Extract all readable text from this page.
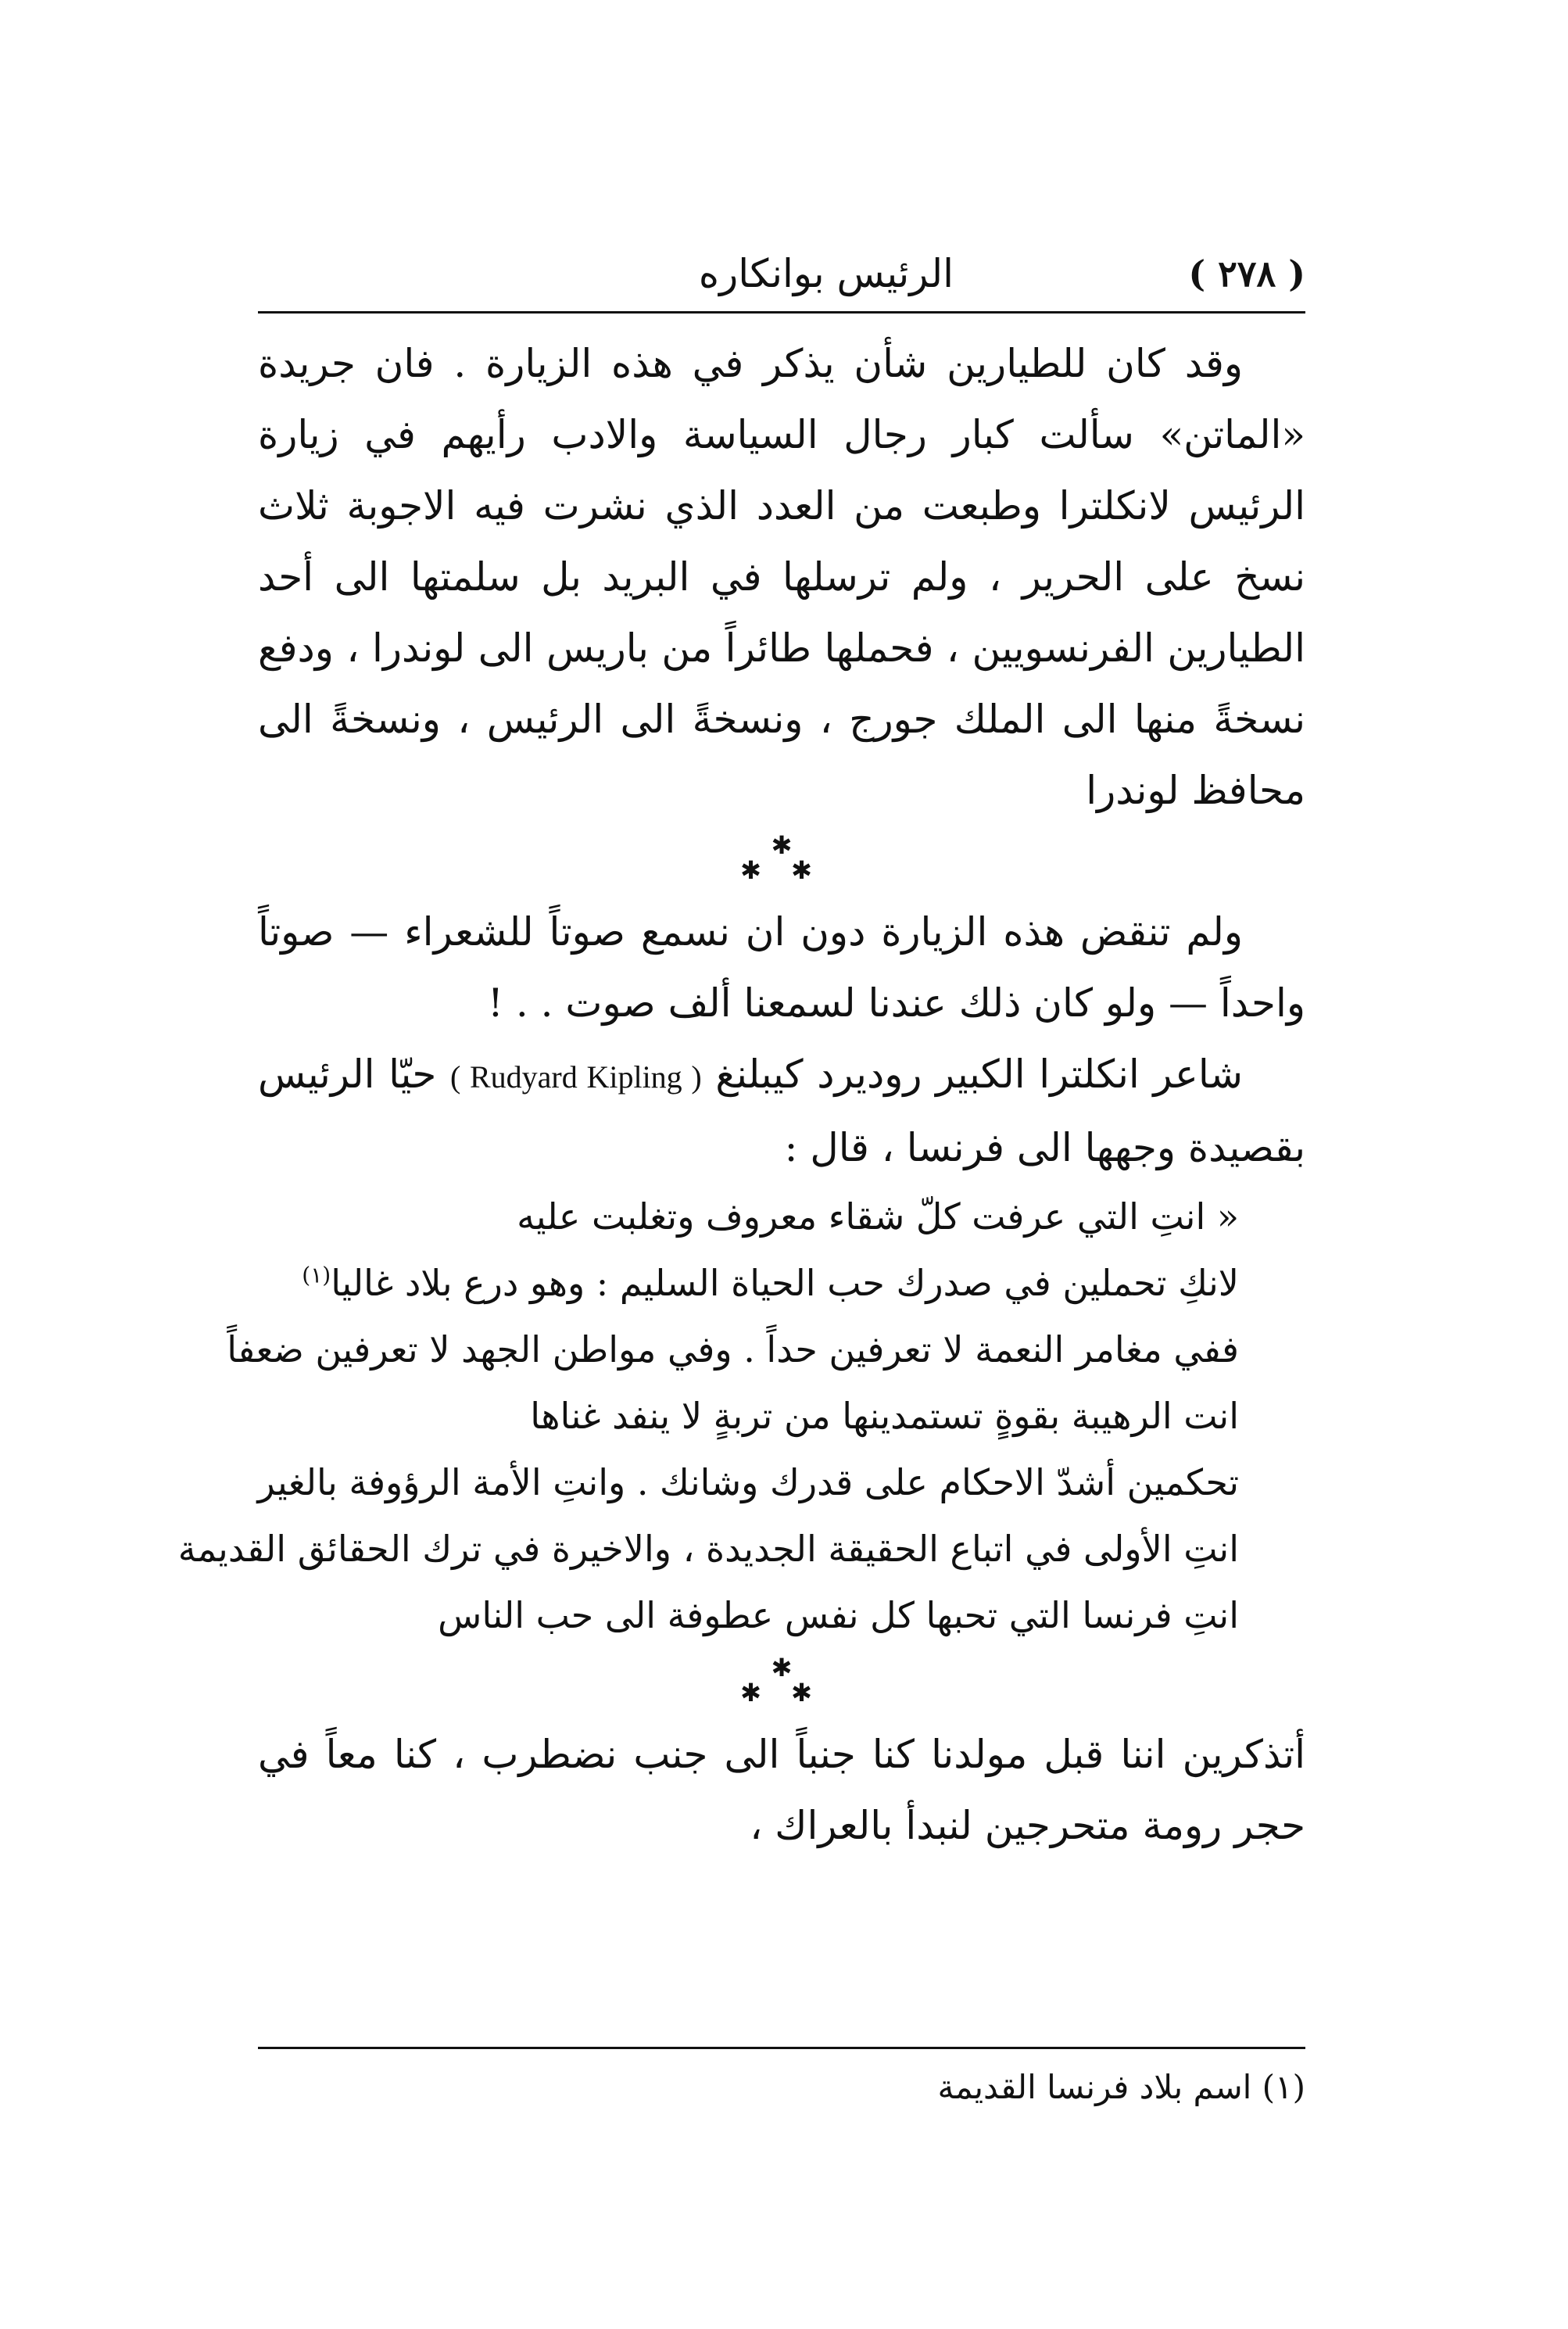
( ٢٧٨ )
الرئيس بوانكاره

وقد كان للطيارين شأن يذكر في هذه الزيارة . فان جريدة «الماتن» سألت كبار رجال السياسة والادب رأيهم في زيارة الرئيس لانكلترا وطبعت من العدد الذي نشرت فيه الاجوبة ثلاث نسخ على الحرير ، ولم ترسلها في البريد بل سلمتها الى أحد الطيارين الفرنسويين ، فحملها طائراً من باريس الى لوندرا ، ودفع نسخةً منها الى الملك جورج ، ونسخةً الى الرئيس ، ونسخةً الى محافظ لوندرا

✱
✱ ✱

ولم تنقض هذه الزيارة دون ان نسمع صوتاً للشعراء — صوتاً واحداً — ولو كان ذلك عندنا لسمعنا ألف صوت . . !

شاعر انكلترا الكبير روديرد كيبلنغ ( Rudyard Kipling ) حيّا الرئيس بقصيدة وجهها الى فرنسا ، قال :

« انتِ التي عرفت كلّ شقاء معروف وتغلبت عليه
لانكِ تحملين في صدرك حب الحياة السليم : وهو درع بلاد غاليا$^{(١)}$
ففي مغامر النعمة لا تعرفين حداً . وفي مواطن الجهد لا تعرفين ضعفاً
انت الرهيبة بقوةٍ تستمدينها من تربةٍ لا ينفد غناها
تحكمين أشدّ الاحكام على قدرك وشانك . وانتِ الأمة الرؤوفة بالغير
انتِ الأولى في اتباع الحقيقة الجديدة ، والاخيرة في ترك الحقائق القديمة
انتِ فرنسا التي تحبها كل نفس عطوفة الى حب الناس
✱
✱ ✱

أتذكرين اننا قبل مولدنا كنا جنباً الى جنب نضطرب ، كنا معاً في حجر رومة متحرجين لنبدأ بالعراك ،

(١) اسم بلاد فرنسا القديمة
